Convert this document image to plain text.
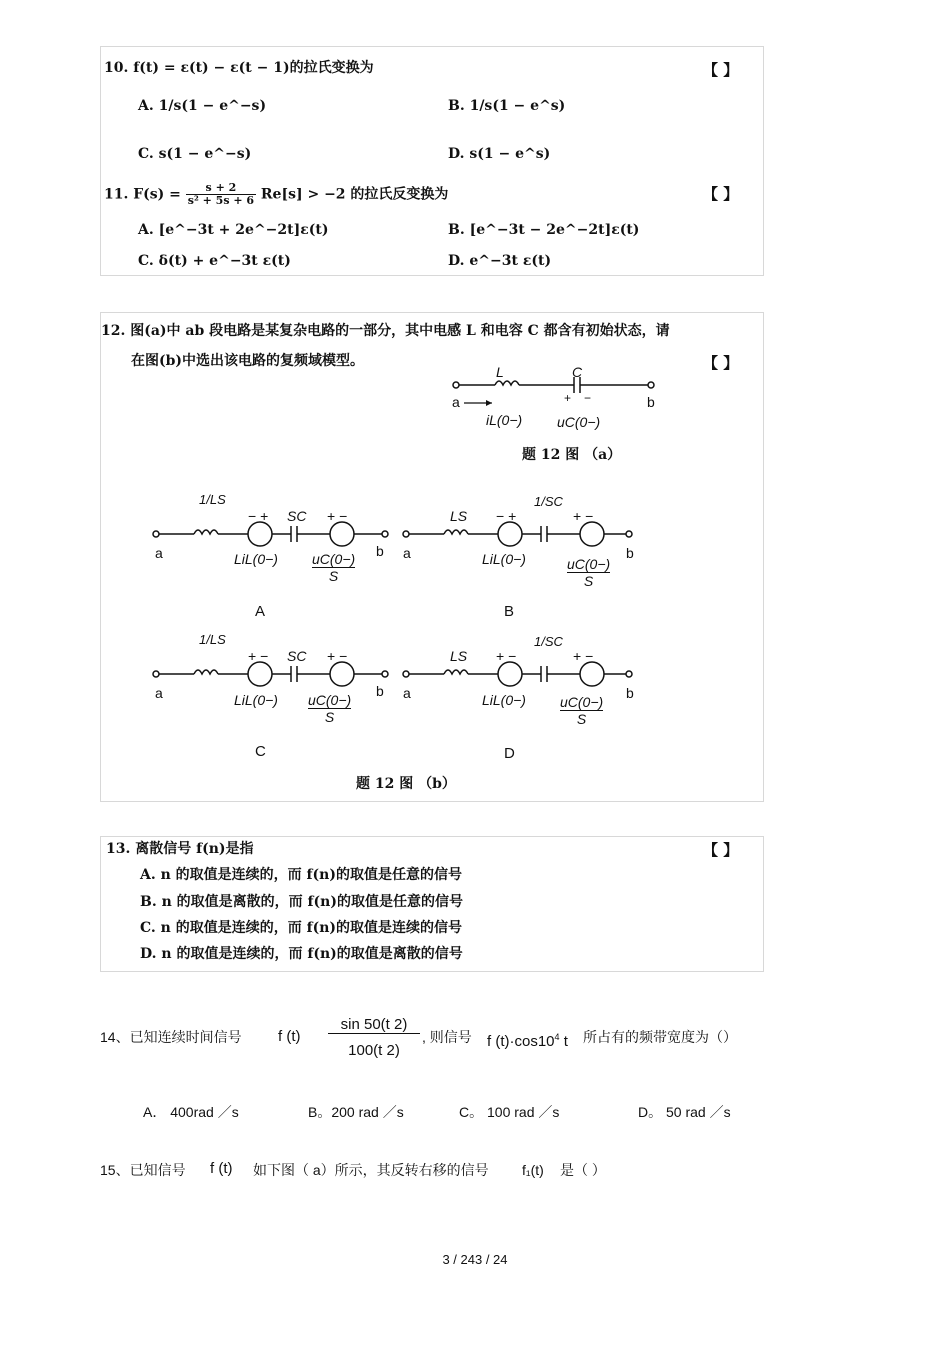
10. f(t) = ε(t) − ε(t − 1)的拉氏变换为	【 】
A. 1/s(1 − e^−s)	B. 1/s(1 − e^s)
C. s(1 − e^−s)	D. s(1 − e^s)
11. $F(s) = \frac{s + 2}{\text{s² + 5s + 6}} Re[s] > -2$ 的拉氏反变换为	【 】
A. [e^−3t + 2e^−2t]ε(t)	B. [e^−3t − 2e^−2t]ε(t)
C. δ(t) + e^−3t ε(t)	D. e^−3t ε(t)
12. 图(a)中 ab 段电路是某复杂电路的一部分，其中电感 L 和电容 C 都含有初始状态，请
在图(b)中选出该电路的复频域模型。	【 】
L	C
a	b
+ −
iL(0−) uC(0−)
题 12 图 （a）
1/LS
− + SC + −
a	b
$LiL(0-) \frac{uC(0-)}{S}$
A
LS − +
1/SC
+ −
a	b
LiL(0−)	$\frac{uC(0-)}{S}$
B
1/LS
+ − SC + −
a	b
$LiL(0-) \frac{uC(0-)}{S}$
C
LS + −
1/SC
+ −
a	b
$LiL(0-) \frac{uC(0-)}{S}$
D
题 12 图 （b）
13. 离散信号 f(n)是指	【 】
A. n 的取值是连续的，而 f(n)的取值是任意的信号
B. n 的取值是离散的，而 f(n)的取值是任意的信号
C. n 的取值是连续的，而 f(n)的取值是连续的信号
D. n 的取值是连续的，而 f(n)的取值是离散的信号
14、已知连续时间信号 f (t)
sin 50(t 2)
100(t 2)
, 则信号 f $(t)\cdot\cos 10^4$ t 所占有的频带宽度为（）
A． 400rad ／s	B。200 rad ／s	C。 100 rad ／s	D。 50 rad ／s
15、已知信号 f (t) 如下图（ a）所示，其反转右移的信号 f₁(t) 是（ ）
3 / 243 / 24
